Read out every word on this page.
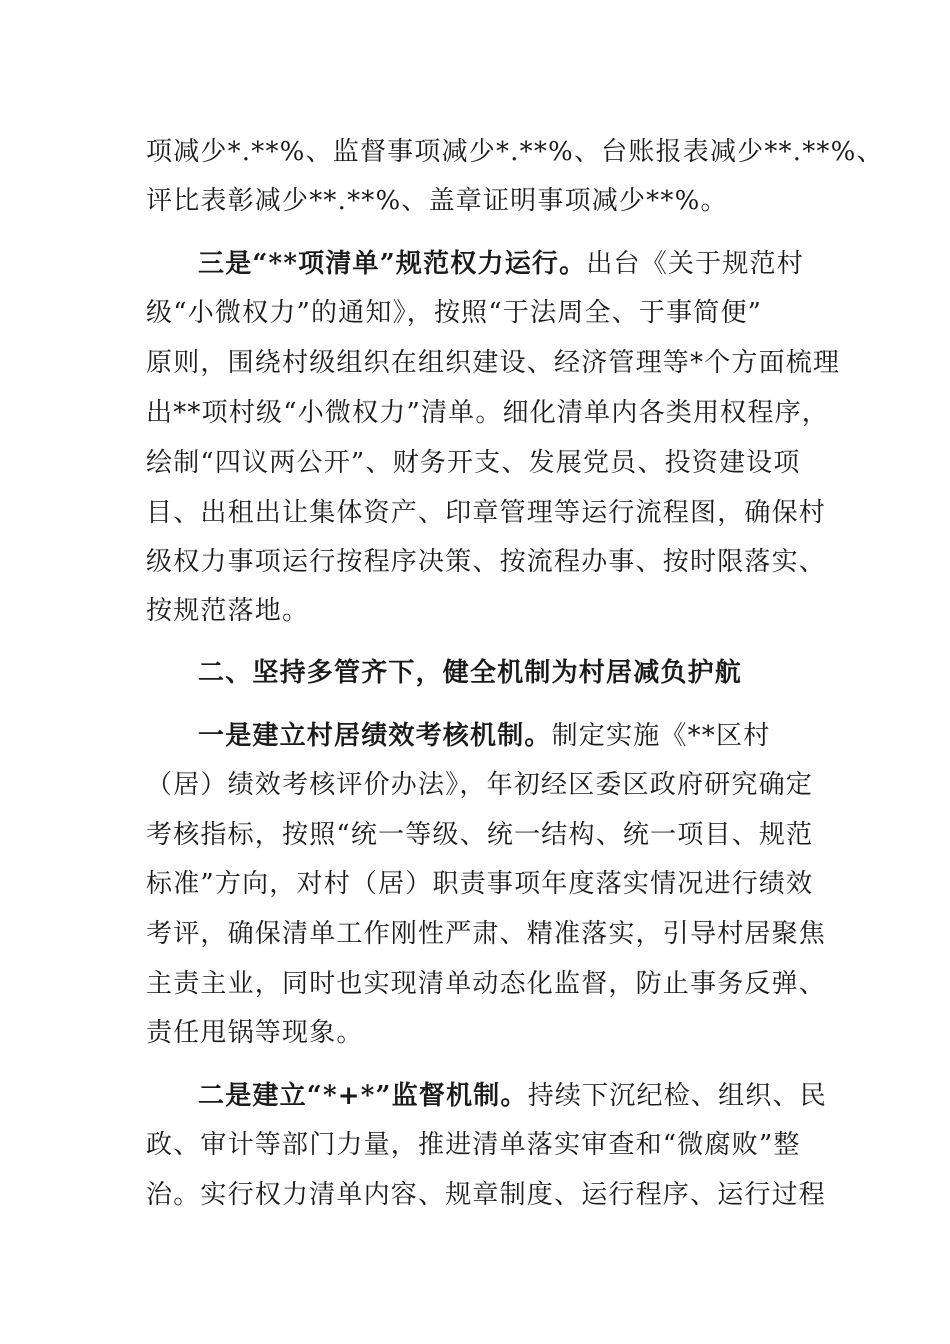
项减少*.**%、监督事项减少*.**%、台账报表减少**.**%、
评比表彰减少**.**%、盖章证明事项减少**%。
三是“**项清单”规范权力运行。出台《关于规范村
级“小微权力”的通知》，按照“于法周全、于事简便”
原则，围绕村级组织在组织建设、经济管理等*个方面梳理
出**项村级“小微权力”清单。细化清单内各类用权程序，
绘制“四议两公开”、财务开支、发展党员、投资建设项
目、出租出让集体资产、印章管理等运行流程图，确保村
级权力事项运行按程序决策、按流程办事、按时限落实、
按规范落地。
二、坚持多管齐下，健全机制为村居减负护航
一是建立村居绩效考核机制。制定实施《**区村
（居）绩效考核评价办法》，年初经区委区政府研究确定
考核指标，按照“统一等级、统一结构、统一项目、规范
标准”方向，对村（居）职责事项年度落实情况进行绩效
考评，确保清单工作刚性严肃、精准落实，引导村居聚焦
主责主业，同时也实现清单动态化监督，防止事务反弹、
责任甩锅等现象。
二是建立“*+*”监督机制。持续下沉纪检、组织、民
政、审计等部门力量，推进清单落实审查和“微腐败”整
治。实行权力清单内容、规章制度、运行程序、运行过程
